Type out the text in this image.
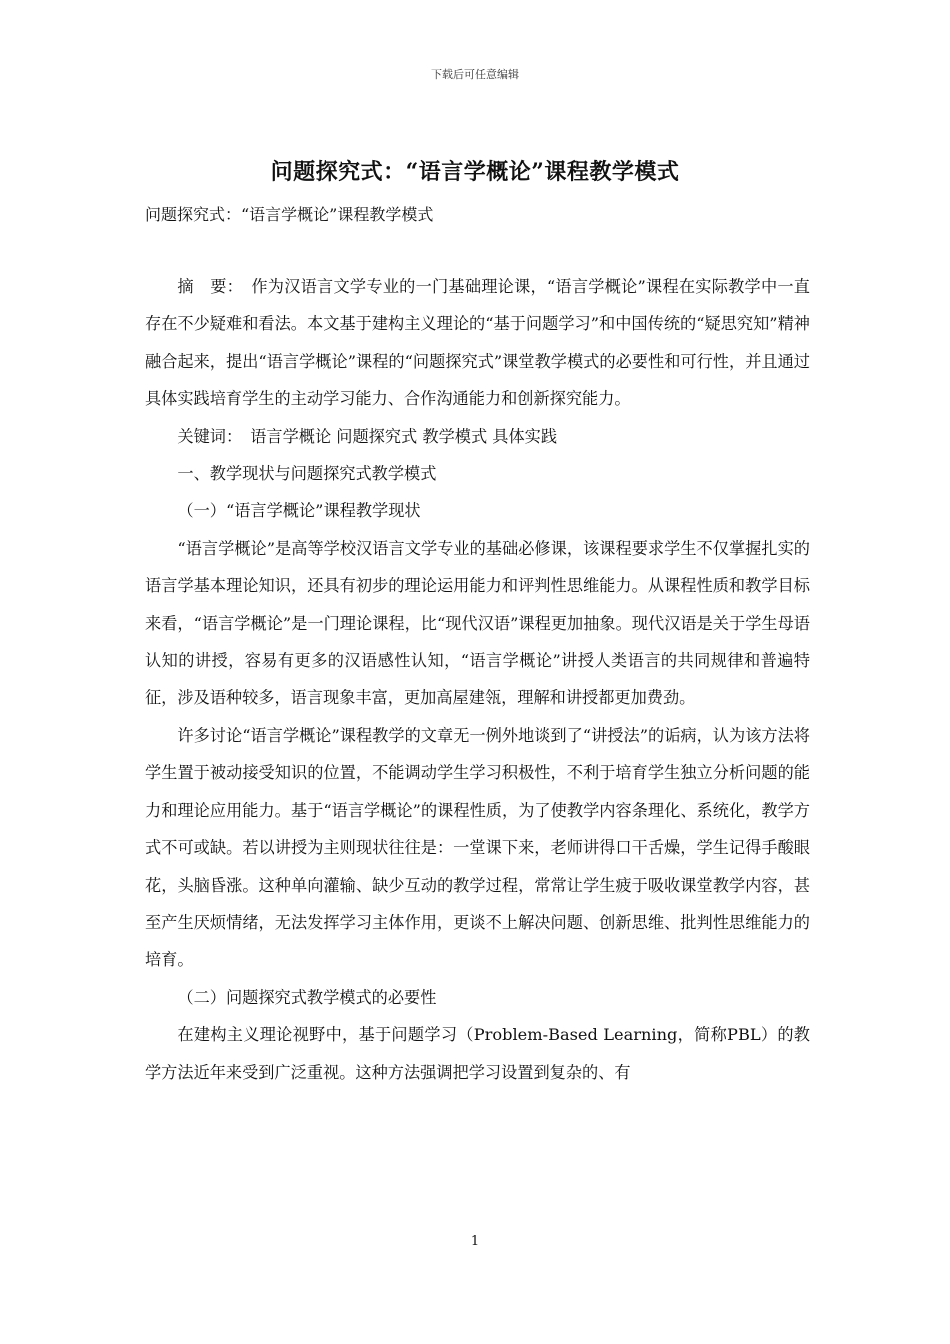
下载后可任意编辑
问题探究式：“语言学概论”课程教学模式
问题探究式：“语言学概论”课程教学模式

摘　要：　作为汉语言文学专业的一门基础理论课，“语言学概论”课程在实际教学中一直存在不少疑难和看法。本文基于建构主义理论的“基于问题学习”和中国传统的“疑思究知”精神融合起来，提出“语言学概论”课程的“问题探究式”课堂教学模式的必要性和可行性，并且通过具体实践培育学生的主动学习能力、合作沟通能力和创新探究能力。

关键词：　语言学概论 问题探究式 教学模式 具体实践

一、教学现状与问题探究式教学模式

（一）“语言学概论”课程教学现状

“语言学概论”是高等学校汉语言文学专业的基础必修课，该课程要求学生不仅掌握扎实的语言学基本理论知识，还具有初步的理论运用能力和评判性思维能力。从课程性质和教学目标来看，“语言学概论”是一门理论课程，比“现代汉语”课程更加抽象。现代汉语是关于学生母语认知的讲授，容易有更多的汉语感性认知，“语言学概论”讲授人类语言的共同规律和普遍特征，涉及语种较多，语言现象丰富，更加高屋建瓴，理解和讲授都更加费劲。

许多讨论“语言学概论”课程教学的文章无一例外地谈到了“讲授法”的诟病，认为该方法将学生置于被动接受知识的位置，不能调动学生学习积极性，不利于培育学生独立分析问题的能力和理论应用能力。基于“语言学概论”的课程性质，为了使教学内容条理化、系统化，教学方式不可或缺。若以讲授为主则现状往往是：一堂课下来，老师讲得口干舌燥，学生记得手酸眼花，头脑昏涨。这种单向灌输、缺少互动的教学过程，常常让学生疲于吸收课堂教学内容，甚至产生厌烦情绪，无法发挥学习主体作用，更谈不上解决问题、创新思维、批判性思维能力的培育。

（二）问题探究式教学模式的必要性

在建构主义理论视野中，基于问题学习（Problem-Based Learning，简称PBL）的教学方法近年来受到广泛重视。这种方法强调把学习设置到复杂的、有

1
